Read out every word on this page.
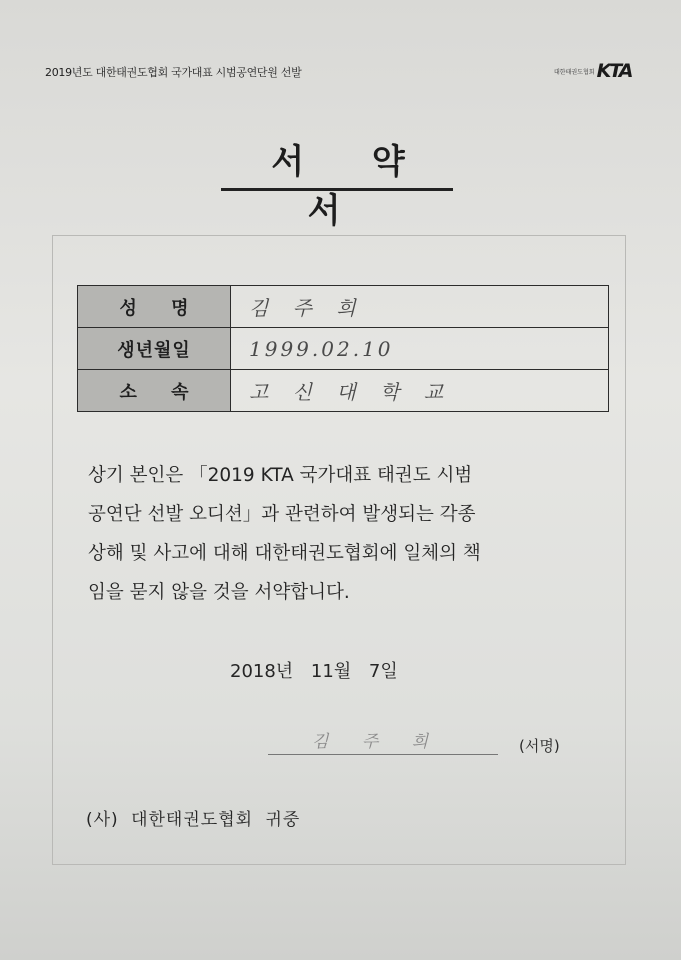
2019년도 대한태권도협회 국가대표 시범공연단원 선발	대한태권도협회 KTA
서 약 서
성 명	김 주 희
생년월일	1999.02.10
소 속	고 신 대 학 교

상기 본인은 「2019 KTA 국가대표 태권도 시범

공연단 선발 오디션」과 관련하여 발생되는 각종

상해 및 사고에 대해 대한태권도협회에 일체의 책

임을 묻지 않을 것을 서약합니다.

2018년 11월 7일
김 주 희	(서명)
(사) 대한태권도협회 귀중
